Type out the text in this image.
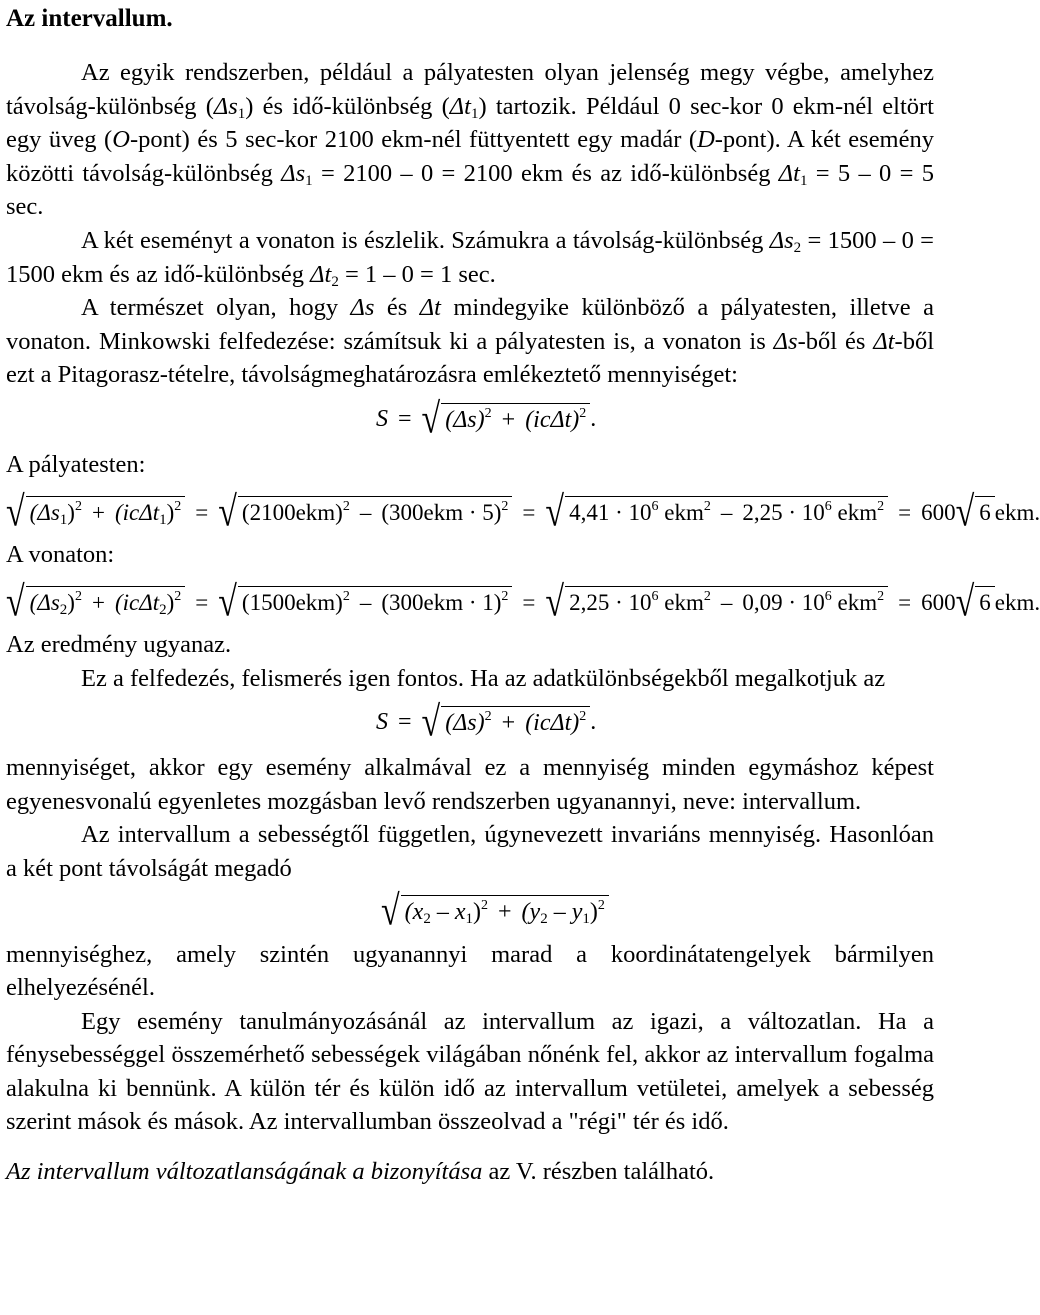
Az intervallum.

Az egyik rendszerben, például a pályatesten olyan jelenség megy végbe, amelyhez távolság-különbség $(\Delta s_1)$ és idő-különbség $(\Delta t_1)$ tartozik. Például 0 sec-kor 0 ekm-nél eltört egy üveg (O-pont) és 5 sec-kor 2100 ekm-nél füttyentett egy madár (D-pont). A két esemény közötti távolság-különbség $\Delta s_1 = 2100 - 0 = 2100$ ekm és az idő-különbség $\Delta t_1 = 5 - 0 = 5$ sec.

A két eseményt a vonaton is észlelik. Számukra a távolság-különbség $\Delta s_2 = 1500 - 0 = 1500$ ekm és az idő-különbség $\Delta t_2 = 1 - 0 = 1$ sec.

A természet olyan, hogy Δs és Δt mindegyike különböző a pályatesten, illetve a vonaton. Minkowski felfedezése: számítsuk ki a pályatesten is, a vonaton is Δs-ből és Δt-ből ezt a Pitagorasz-tételre, távolságmeghatározásra emlékeztető mennyiséget:

S = √ $(\Delta s)^2 + (ic\Delta t)^2$ .
A pályatesten:
√ $(\Delta s_1)^2 + (ic\Delta t_1)^2$ = √ $(2100ekm)^2 - (300ekm \cdot 5)^2$ = √ $4,41 \cdot 10^6$ $ekm^2 - 2,25 \cdot 10^6$ ekm$^2$ = 600 √ 6 ekm.
A vonaton:
√ $(\Delta s_2)^2 + (ic\Delta t_2)^2$ = √ $(1500ekm)^2 - (300ekm \cdot 1)^2$ = √ $2,25 \cdot 10^6$ $ekm^2 - 0,09 \cdot 10^6$ ekm$^2$ = 600 √ 6 ekm.

Az eredmény ugyanaz.

Ez a felfedezés, felismerés igen fontos. Ha az adatkülönbségekből megalkotjuk az

S = √ $(\Delta s)^2 + (ic\Delta t)^2$ .

mennyiséget, akkor egy esemény alkalmával ez a mennyiség minden egymáshoz képest egyenesvonalú egyenletes mozgásban levő rendszerben ugyanannyi, neve: intervallum.

Az intervallum a sebességtől független, úgynevezett invariáns mennyiség. Hasonlóan a két pont távolságát megadó

√ $(x_2 - x_1)^2 + (y_2 - y_1)^2$

mennyiséghez, amely szintén ugyanannyi marad a koordinátatengelyek bármilyen elhelyezésénél.

Egy esemény tanulmányozásánál az intervallum az igazi, a változatlan. Ha a fénysebességgel összemérhető sebességek világában nőnénk fel, akkor az intervallum fogalma alakulna ki bennünk. A külön tér és külön idő az intervallum vetületei, amelyek a sebesség szerint mások és mások. Az intervallumban összeolvad a "régi" tér és idő.

Az intervallum változatlanságának a bizonyítása az V. részben található.
